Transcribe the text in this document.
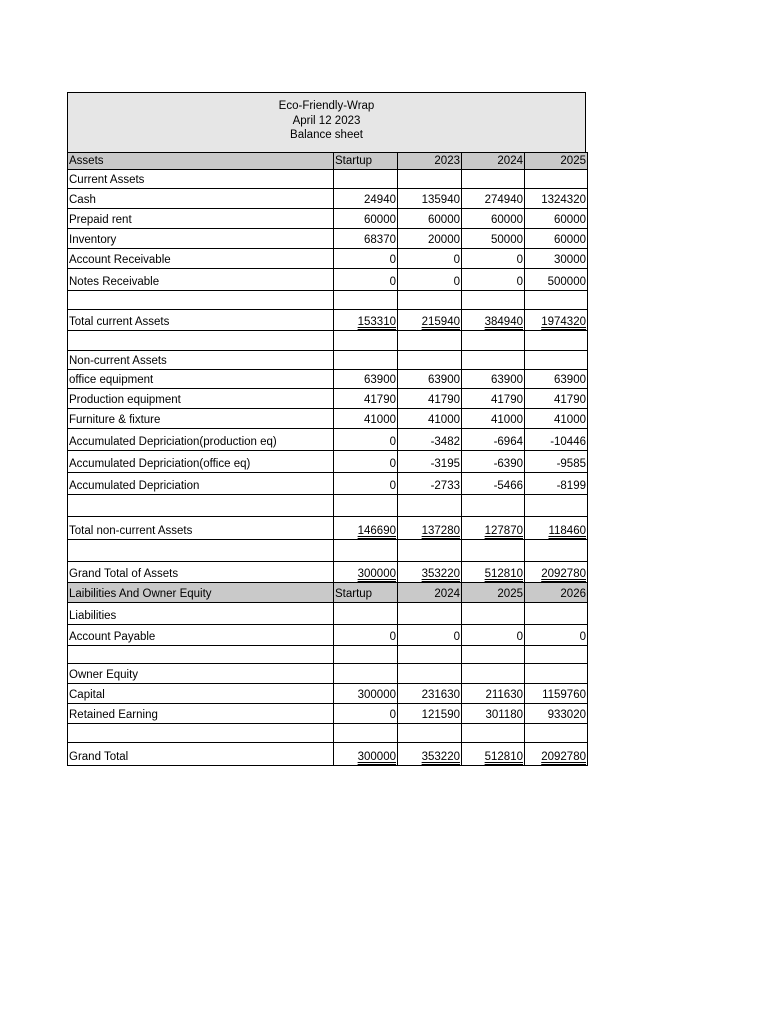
Eco-Friendly-Wrap
April 12 2023
Balance sheet
Assets	Startup	2023	2024	2025
Current Assets				
Cash	24940	135940	274940	1324320
Prepaid rent	60000	60000	60000	60000
Inventory	68370	20000	50000	60000
Account Receivable	0	0	0	30000
Notes Receivable	0	0	0	500000

Total current Assets	153310	215940	384940	1974320

Non-current Assets				
office equipment	63900	63900	63900	63900
Production equipment	41790	41790	41790	41790
Furniture & fixture	41000	41000	41000	41000
Accumulated Depriciation(production eq)	0	-3482	-6964	-10446
Accumulated Depriciation(office eq)	0	-3195	-6390	-9585
Accumulated Depriciation	0	-2733	-5466	-8199

Total non-current Assets	146690	137280	127870	118460

Grand Total of Assets	300000	353220	512810	2092780
Laibilities And Owner Equity	Startup	2024	2025	2026
Liabilities				
Account Payable	0	0	0	0

Owner Equity				
Capital	300000	231630	211630	1159760
Retained Earning	0	121590	301180	933020

Grand Total	300000	353220	512810	2092780
